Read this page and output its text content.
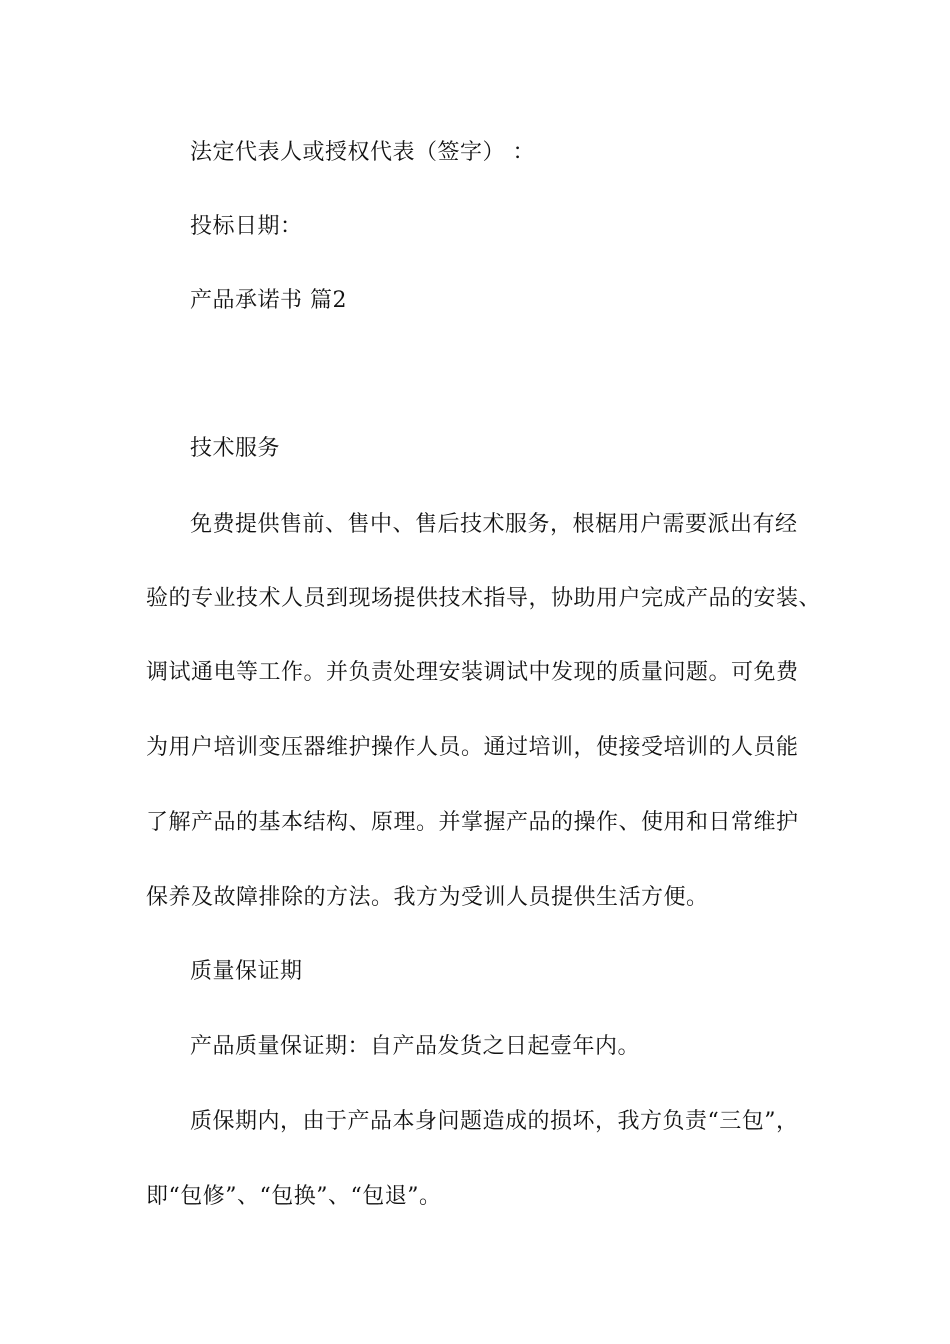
法定代表人或授权代表（签字） ：
投标日期：
产品承诺书 篇2
技术服务
免费提供售前、售中、售后技术服务，根椐用户需要派出有经
验的专业技术人员到现场提供技术指导，协助用户完成产品的安装、
调试通电等工作。并负责处理安装调试中发现的质量问题。可免费
为用户培训变压器维护操作人员。通过培训，使接受培训的人员能
了解产品的基本结构、原理。并掌握产品的操作、使用和日常维护
保养及故障排除的方法。我方为受训人员提供生活方便。
质量保证期
产品质量保证期：自产品发货之日起壹年内。
质保期内，由于产品本身问题造成的损坏，我方负责“三包”，
即“包修”、“包换”、“包退”。
